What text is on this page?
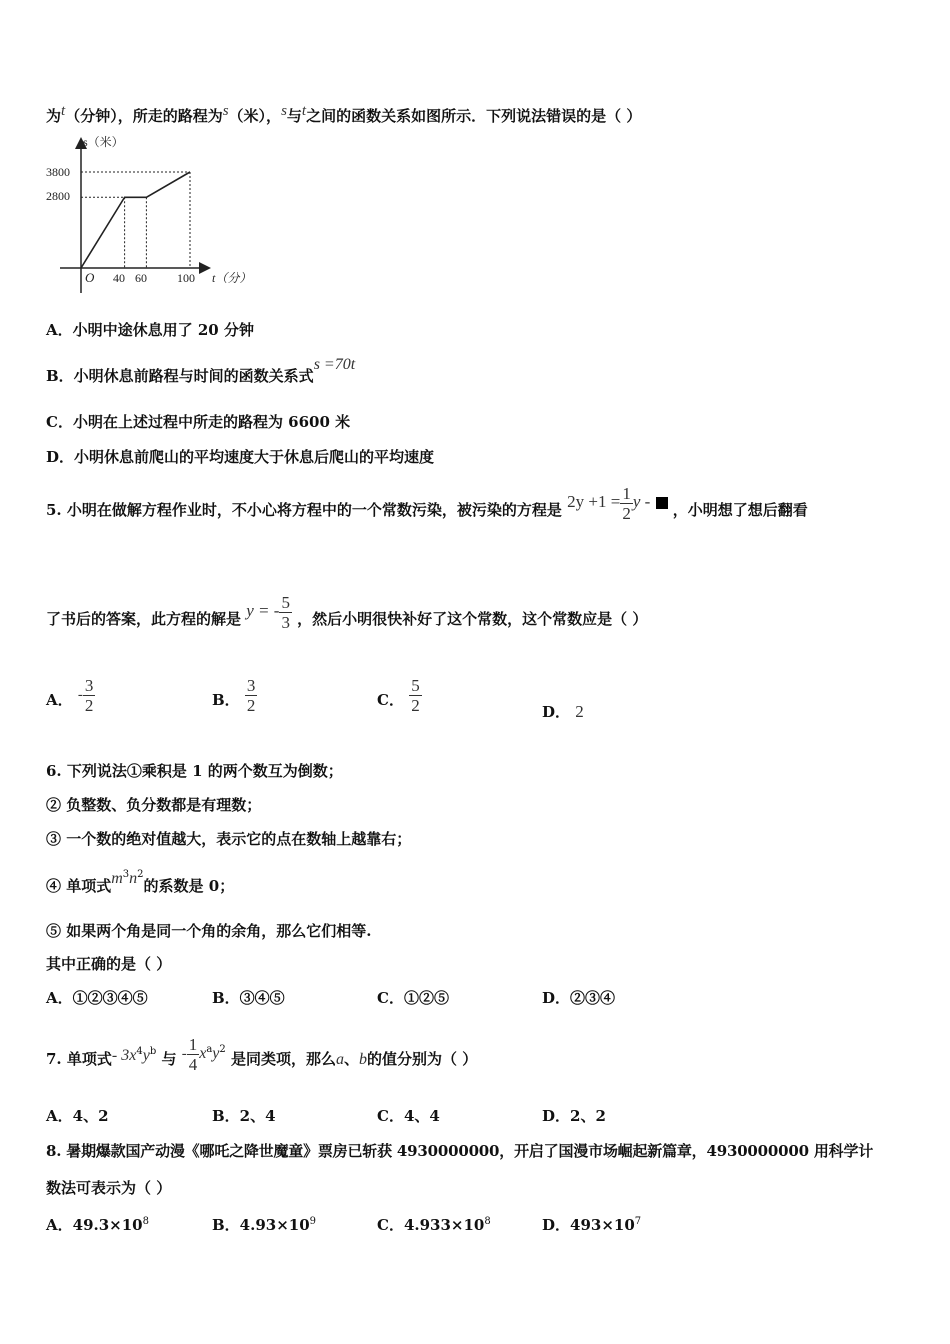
为$^t$（分钟），所走的路程为$^s$（米），$^s$与$^t$之间的函数关系如图所示．下列说法错误的是（ ）
s（米）
t（分）
O
3800
2800
40 60	100
A．小明中途休息用了 20 分钟
B．小明休息前路程与时间的函数关系式s =70t
C．小明在上述过程中所走的路程为 6600 米
D．小明休息前爬山的平均速度大于休息后爬山的平均速度
5. 小明在做解方程作业时，不小心将方程中的一个常数污染，被污染的方程是 $2y +1 = \frac{1}{2}$ y - ，小明想了想后翻看
了书后的答案，此方程的解是 y = - $\frac{5}{3}$ ，然后小明很快补好了这个常数，这个常数应是（ ）
A． - $\frac{3}{2}$	B． $\frac{3}{2}$	C． $\frac{5}{2}$	D． 2
6. 下列说法①乘积是 1 的两个数互为倒数；
② 负整数、负分数都是有理数；
③ 一个数的绝对值越大，表示它的点在数轴上越靠右；
④ 单项式$m^3n^2$的系数是 0；
⑤ 如果两个角是同一个角的余角，那么它们相等.
其中正确的是（ ）
A．①②③④⑤	B．③④⑤	C．①②⑤	D．②③④
7. 单项式- $3x^4y^b$ 与 - $\frac{1}{4} x^ay^2$ 是同类项，那么a、b的值分别为（ ）
A．4、2	B．2、4	C．4、4	D．2、2
8. 暑期爆款国产动漫《哪吒之降世魔童》票房已斩获 4930000000，开启了国漫市场崛起新篇章，4930000000 用科学计
数法可表示为（ ）
A．$49.3\times 10^8$	B．$4.93\times 10^9$	C．$4.933\times 10^8$	D．$493\times 10^7$
